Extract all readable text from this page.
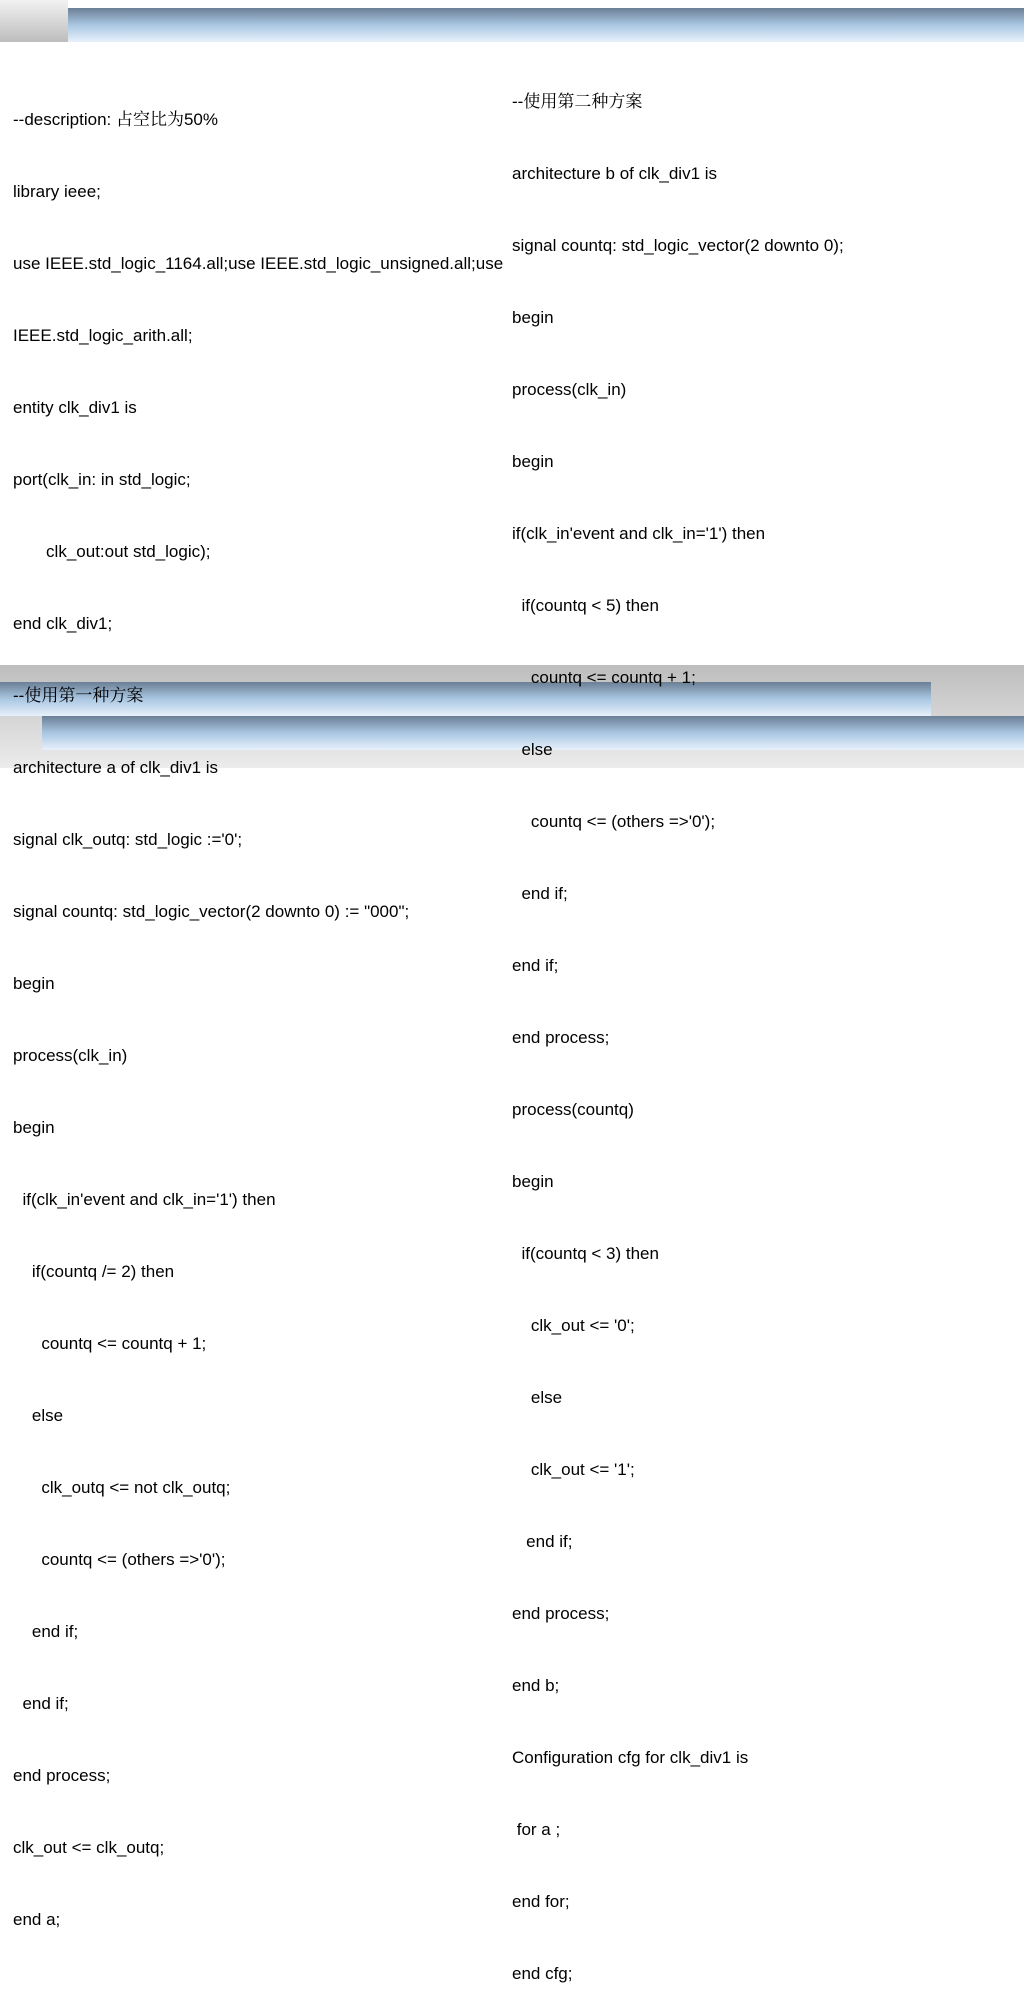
--description: 占空比为50%

library ieee;

use IEEE.std_logic_1164.all;use IEEE.std_logic_unsigned.all;use

IEEE.std_logic_arith.all;

entity clk_div1 is

port(clk_in: in std_logic;

clk_out:out std_logic);

end clk_div1;

--使用第一种方案

architecture a of clk_div1 is

signal clk_outq: std_logic :='0';

signal countq: std_logic_vector(2 downto 0) := "000";

begin

process(clk_in)

begin

if(clk_in'event and clk_in='1') then

if(countq /= 2) then

countq <= countq + 1;

else

clk_outq <= not clk_outq;

countq <= (others =>'0');

end if;

end if;

end process;

clk_out <= clk_outq;

end a;

--使用第二种方案

architecture b of clk_div1 is

signal countq: std_logic_vector(2 downto 0);

begin

process(clk_in)

begin

if(clk_in'event and clk_in='1') then

if(countq < 5) then

countq <= countq + 1;

else

countq <= (others =>'0');

end if;

end if;

end process;

process(countq)

begin

if(countq < 3) then

clk_out <= '0';

else

clk_out <= '1';

end if;

end process;

end b;

Configuration cfg for clk_div1 is

for a ;

end for;

end cfg;
